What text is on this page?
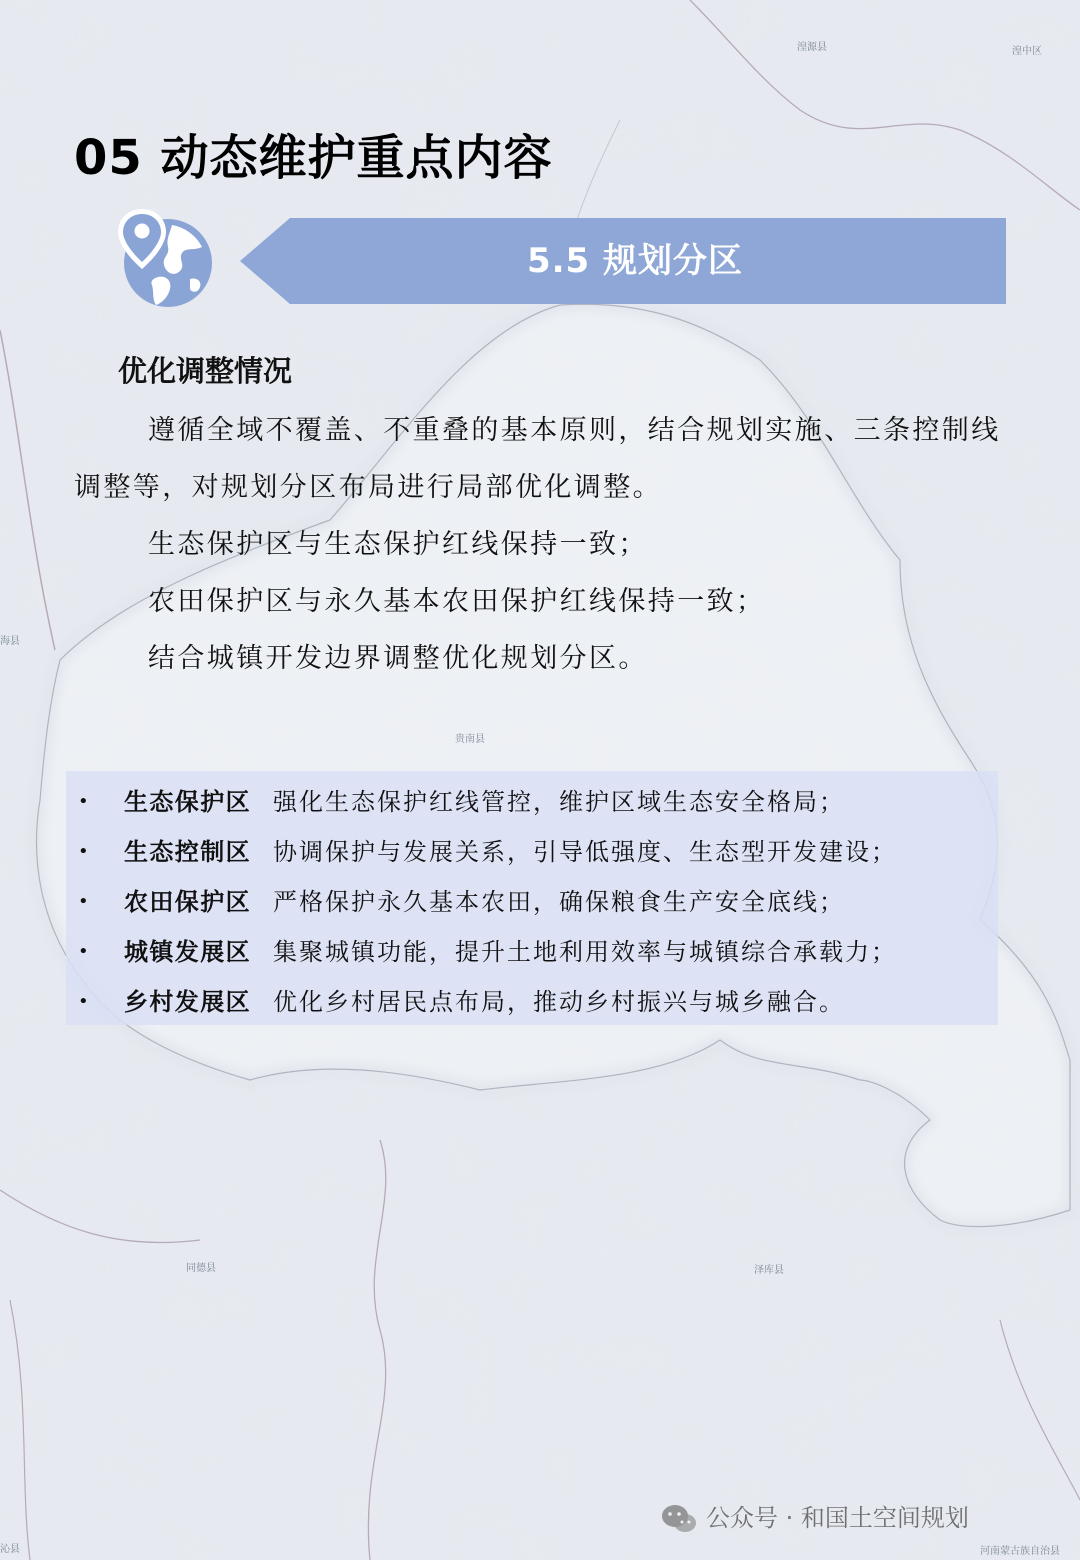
湟源县	湟中区
海县
贵南县
同德县	泽库县
沁县	河南蒙古族自治县
05 动态维护重点内容
5.5 规划分区
优化调整情况

遵循全域不覆盖、不重叠的基本原则，结合规划实施、三条控制线调整等，对规划分区布局进行局部优化调整。

生态保护区与生态保护红线保持一致；

农田保护区与永久基本农田保护红线保持一致；

结合城镇开发边界调整优化规划分区。

• 生态保护区 强化生态保护红线管控，维护区域生态安全格局；
• 生态控制区 协调保护与发展关系，引导低强度、生态型开发建设；
• 农田保护区 严格保护永久基本农田，确保粮食生产安全底线；
• 城镇发展区 集聚城镇功能，提升土地利用效率与城镇综合承载力；
• 乡村发展区 优化乡村居民点布局，推动乡村振兴与城乡融合。
公众号 · 和国土空间规划
